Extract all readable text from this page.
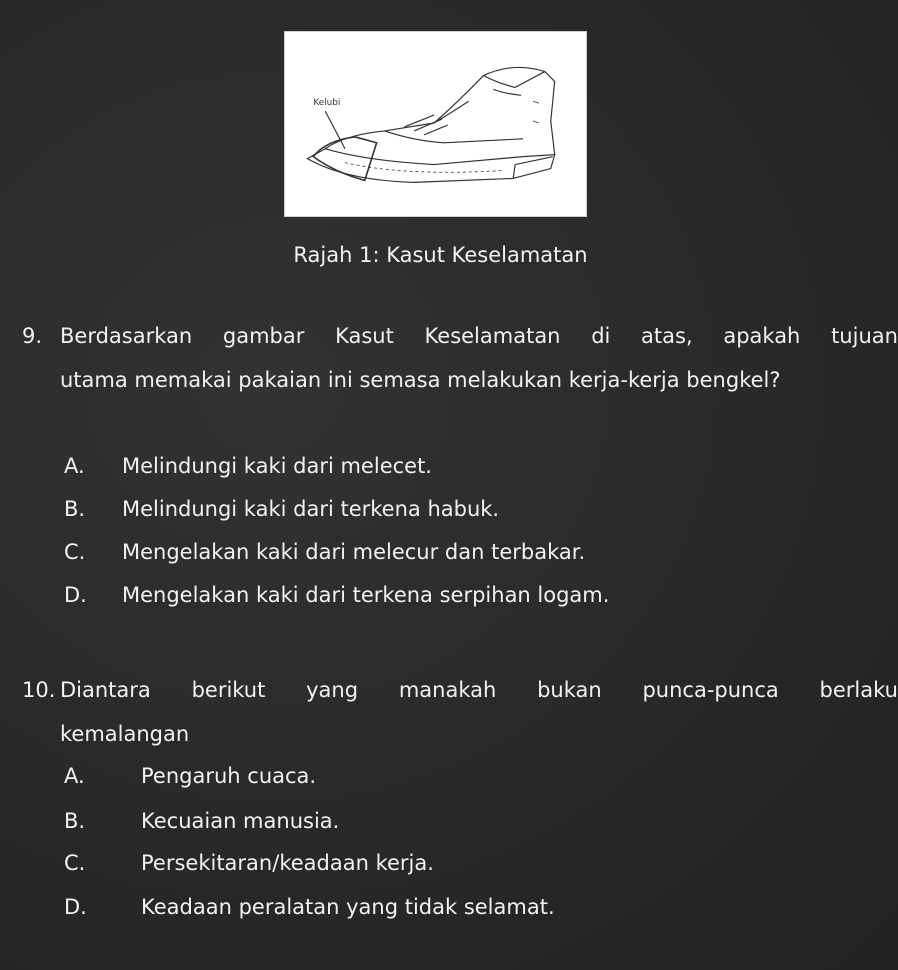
Kelubi
Rajah 1: Kasut Keselamatan
9. Berdasarkan gambar Kasut Keselamatan di atas, apakah tujuan
utama memakai pakaian ini semasa melakukan kerja-kerja bengkel?
A.	Melindungi kaki dari melecet.
B.	Melindungi kaki dari terkena habuk.
C.	Mengelakan kaki dari melecur dan terbakar.
D.	Mengelakan kaki dari terkena serpihan logam.
10. Diantara berikut yang manakah bukan punca-punca berlaku
kemalangan
A.	Pengaruh cuaca.
B.	Kecuaian manusia.
C.	Persekitaran/keadaan kerja.
D.	Keadaan peralatan yang tidak selamat.
